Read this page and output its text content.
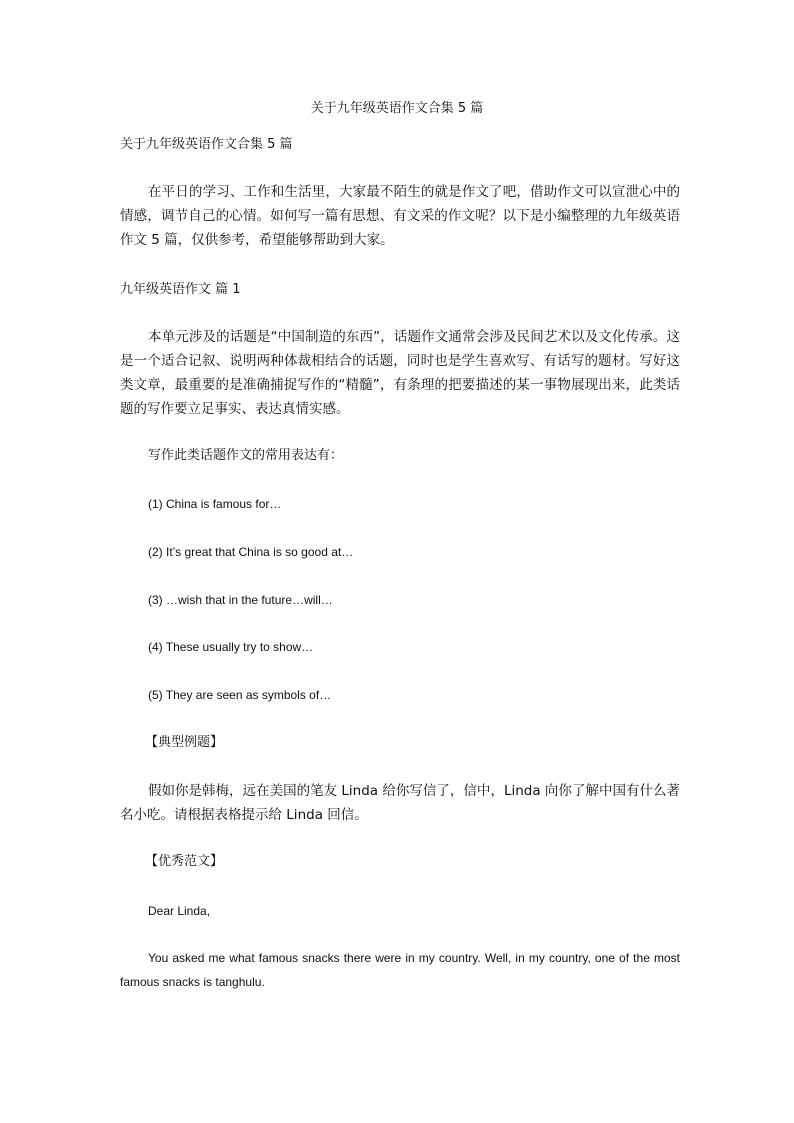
关于九年级英语作文合集 5 篇
关于九年级英语作文合集 5 篇
在平日的学习、工作和生活里，大家最不陌生的就是作文了吧，借助作文可以宣泄心中的情感，调节自己的心情。如何写一篇有思想、有文采的作文呢？以下是小编整理的九年级英语作文 5 篇，仅供参考，希望能够帮助到大家。
九年级英语作文 篇 1
本单元涉及的话题是“中国制造的东西”，话题作文通常会涉及民间艺术以及文化传承。这是一个适合记叙、说明两种体裁相结合的话题，同时也是学生喜欢写、有话写的题材。写好这类文章，最重要的是准确捕捉写作的“精髓”，有条理的把要描述的某一事物展现出来，此类话题的写作要立足事实、表达真情实感。
写作此类话题作文的常用表达有：
(1) China is famous for…
(2) It’s great that China is so good at…
(3) …wish that in the future…will…
(4) These usually try to show…
(5) They are seen as symbols of…
【典型例题】
假如你是韩梅，远在美国的笔友 Linda 给你写信了，信中，Linda 向你了解中国有什么著名小吃。请根据表格提示给 Linda 回信。
【优秀范文】
Dear Linda,
You asked me what famous snacks there were in my country. Well, in my country, one of the most famous snacks is tanghulu.
